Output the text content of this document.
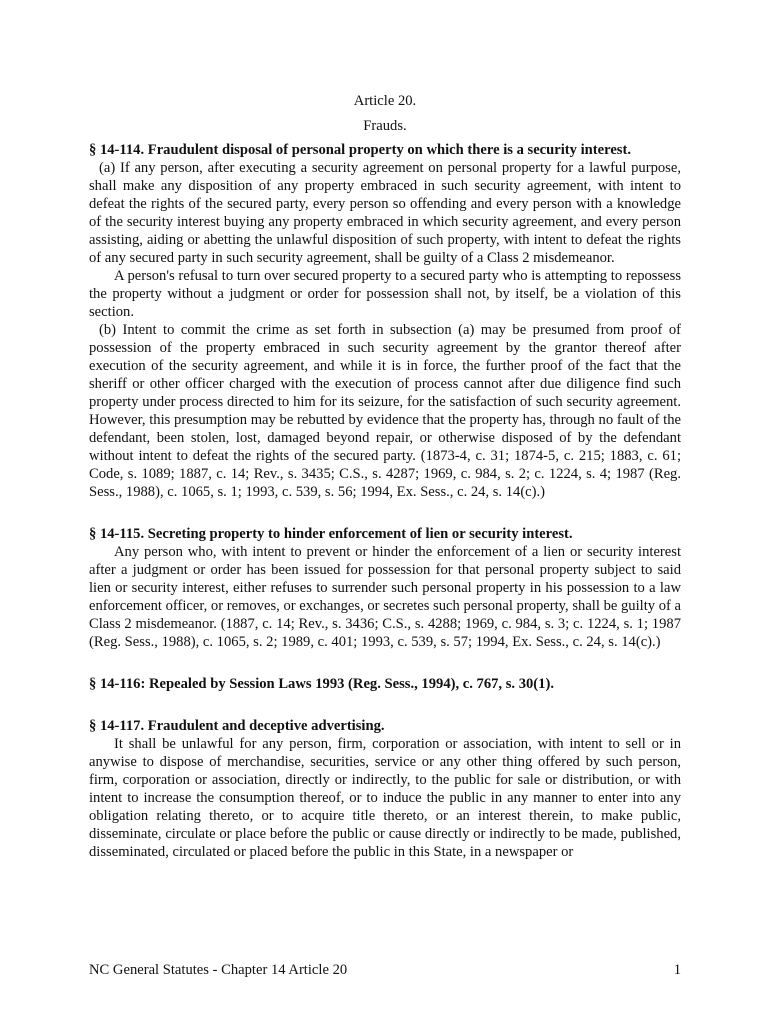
Article 20.
Frauds.
§ 14-114. Fraudulent disposal of personal property on which there is a security interest.

(a) If any person, after executing a security agreement on personal property for a lawful purpose, shall make any disposition of any property embraced in such security agreement, with intent to defeat the rights of the secured party, every person so offending and every person with a knowledge of the security interest buying any property embraced in which security agreement, and every person assisting, aiding or abetting the unlawful disposition of such property, with intent to defeat the rights of any secured party in such security agreement, shall be guilty of a Class 2 misdemeanor.

A person's refusal to turn over secured property to a secured party who is attempting to repossess the property without a judgment or order for possession shall not, by itself, be a violation of this section.

(b) Intent to commit the crime as set forth in subsection (a) may be presumed from proof of possession of the property embraced in such security agreement by the grantor thereof after execution of the security agreement, and while it is in force, the further proof of the fact that the sheriff or other officer charged with the execution of process cannot after due diligence find such property under process directed to him for its seizure, for the satisfaction of such security agreement. However, this presumption may be rebutted by evidence that the property has, through no fault of the defendant, been stolen, lost, damaged beyond repair, or otherwise disposed of by the defendant without intent to defeat the rights of the secured party. (1873-4, c. 31; 1874-5, c. 215; 1883, c. 61; Code, s. 1089; 1887, c. 14; Rev., s. 3435; C.S., s. 4287; 1969, c. 984, s. 2; c. 1224, s. 4; 1987 (Reg. Sess., 1988), c. 1065, s. 1; 1993, c. 539, s. 56; 1994, Ex. Sess., c. 24, s. 14(c).)

§ 14-115. Secreting property to hinder enforcement of lien or security interest.

Any person who, with intent to prevent or hinder the enforcement of a lien or security interest after a judgment or order has been issued for possession for that personal property subject to said lien or security interest, either refuses to surrender such personal property in his possession to a law enforcement officer, or removes, or exchanges, or secretes such personal property, shall be guilty of a Class 2 misdemeanor. (1887, c. 14; Rev., s. 3436; C.S., s. 4288; 1969, c. 984, s. 3; c. 1224, s. 1; 1987 (Reg. Sess., 1988), c. 1065, s. 2; 1989, c. 401; 1993, c. 539, s. 57; 1994, Ex. Sess., c. 24, s. 14(c).)

§ 14-116: Repealed by Session Laws 1993 (Reg. Sess., 1994), c. 767, s. 30(1).
§ 14-117. Fraudulent and deceptive advertising.

It shall be unlawful for any person, firm, corporation or association, with intent to sell or in anywise to dispose of merchandise, securities, service or any other thing offered by such person, firm, corporation or association, directly or indirectly, to the public for sale or distribution, or with intent to increase the consumption thereof, or to induce the public in any manner to enter into any obligation relating thereto, or to acquire title thereto, or an interest therein, to make public, disseminate, circulate or place before the public or cause directly or indirectly to be made, published, disseminated, circulated or placed before the public in this State, in a newspaper or

NC General Statutes - Chapter 14 Article 20	1
